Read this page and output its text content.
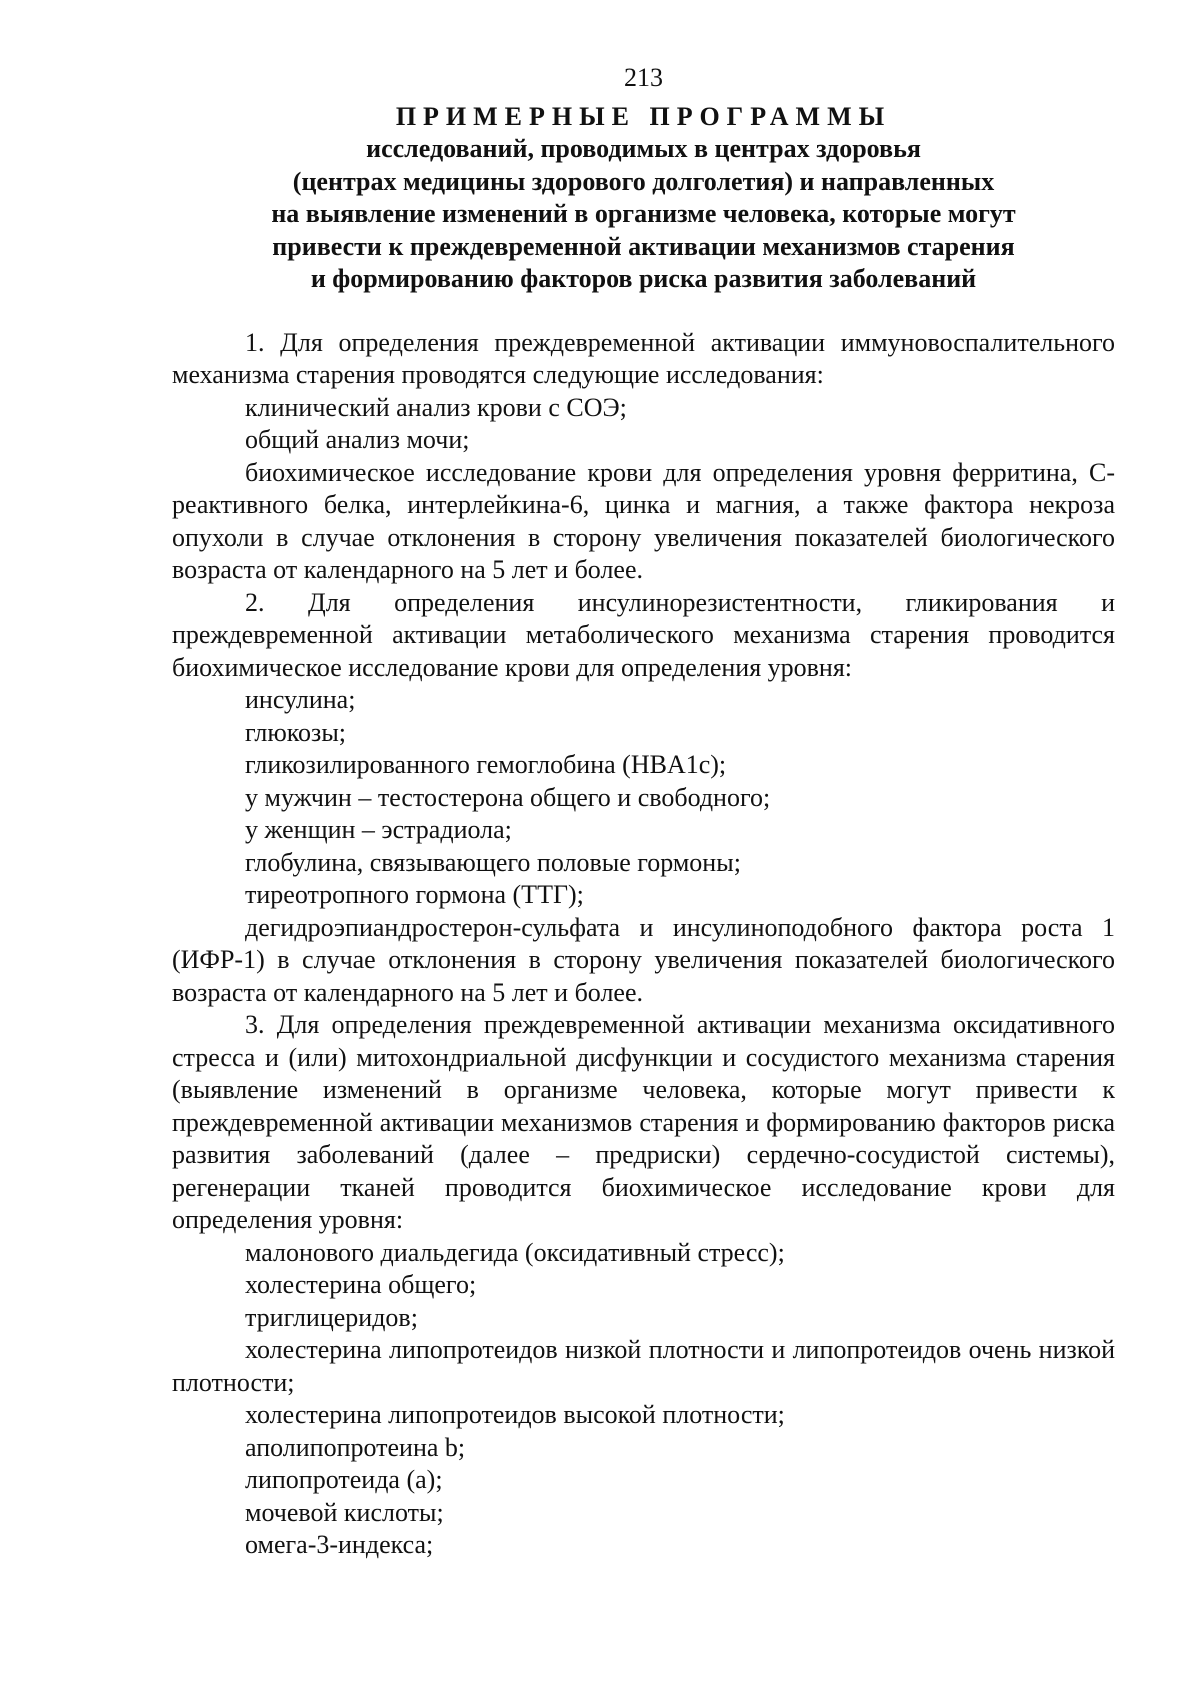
213

ПРИМЕРНЫЕ ПРОГРАММЫ

исследований, проводимых в центрах здоровья

(центрах медицины здорового долголетия) и направленных

на выявление изменений в организме человека, которые могут

привести к преждевременной активации механизмов старения

и формированию факторов риска развития заболеваний

1. Для определения преждевременной активации иммуновоспалительного механизма старения проводятся следующие исследования:

клинический анализ крови с СОЭ;

общий анализ мочи;

биохимическое исследование крови для определения уровня ферритина, С-реактивного белка, интерлейкина-6, цинка и магния, а также фактора некроза опухоли в случае отклонения в сторону увеличения показателей биологического возраста от календарного на 5 лет и более.

2. Для определения инсулинорезистентности, гликирования и преждевременной активации метаболического механизма старения проводится биохимическое исследование крови для определения уровня:

инсулина;

глюкозы;

гликозилированного гемоглобина (HBA1c);

у мужчин – тестостерона общего и свободного;

у женщин – эстрадиола;

глобулина, связывающего половые гормоны;

тиреотропного гормона (ТТГ);

дегидроэпиандростерон-сульфата и инсулиноподобного фактора роста 1 (ИФР-1) в случае отклонения в сторону увеличения показателей биологического возраста от календарного на 5 лет и более.

3. Для определения преждевременной активации механизма оксидативного стресса и (или) митохондриальной дисфункции и сосудистого механизма старения (выявление изменений в организме человека, которые могут привести к преждевременной активации механизмов старения и формированию факторов риска развития заболеваний (далее – предриски) сердечно-сосудистой системы), регенерации тканей проводится биохимическое исследование крови для определения уровня:

малонового диальдегида (оксидативный стресс);

холестерина общего;

триглицеридов;

холестерина липопротеидов низкой плотности и липопротеидов очень низкой плотности;

холестерина липопротеидов высокой плотности;

аполипопротеина b;

липопротеида (а);

мочевой кислоты;

омега-3-индекса;
